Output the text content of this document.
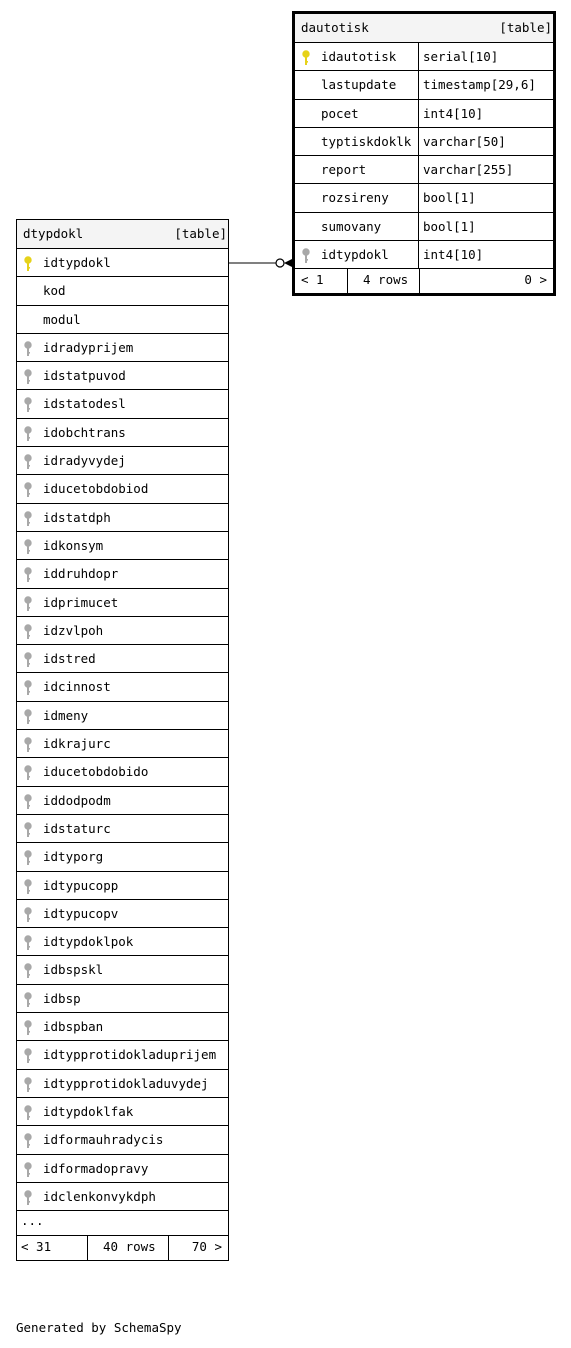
dautotisk	[table]
idautotisk	serial[10]
lastupdate	timestamp[29,6]
pocet	int4[10]
typtiskdoklk varchar[50]
report	varchar[255]
rozsireny	bool[1]
sumovany	bool[1]
idtypdokl	int4[10]
< 1	4 rows	0 >
dtypdokl	[table]
idtypdokl
kod
modul
idradyprijem
idstatpuvod
idstatodesl
idobchtrans
idradyvydej
iducetobdobiod
idstatdph
idkonsym
iddruhdopr
idprimucet
idzvlpoh
idstred
idcinnost
idmeny
idkrajurc
iducetobdobido
iddodpodm
idstaturc
idtyporg
idtypucopp
idtypucopv
idtypdoklpok
idbspskl
idbsp
idbspban
idtypprotidokladuprijem
idtypprotidokladuvydej
idtypdoklfak
idformauhradycis
idformadopravy
idclenkonvykdph
...
< 31	40 rows	70 >
Generated by SchemaSpy
